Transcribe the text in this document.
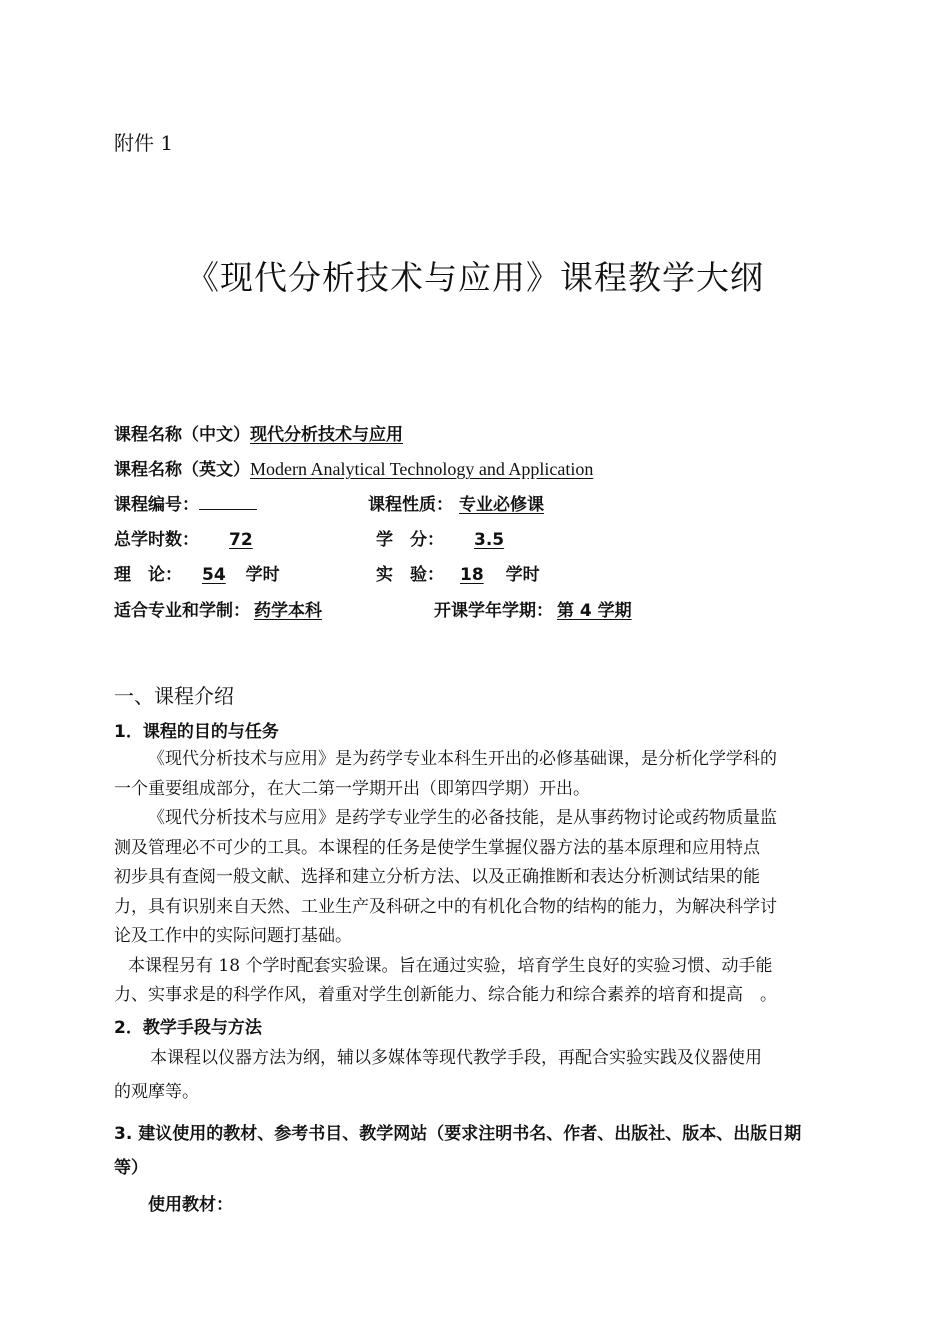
附件 1
《现代分析技术与应用》课程教学大纲
课程名称（中文）现代分析技术与应用
课程名称（英文）Modern Analytical Technology and Application
课程编号：	课程性质： 专业必修课
总学时数： 72	学　分： 3.5
理　论： 54 学时	实　验： 18 学时
适合专业和学制： 药学本科	开课学年学期： 第 4 学期
一、课程介绍
1．课程的目的与任务
《现代分析技术与应用》是为药学专业本科生开出的必修基础课，是分析化学学科的
一个重要组成部分，在大二第一学期开出（即第四学期）开出。
《现代分析技术与应用》是药学专业学生的必备技能，是从事药物讨论或药物质量监
测及管理必不可少的工具。本课程的任务是使学生掌握仪器方法的基本原理和应用特点
初步具有查阅一般文献、选择和建立分析方法、以及正确推断和表达分析测试结果的能
力，具有识别来自天然、工业生产及科研之中的有机化合物的结构的能力，为解决科学讨
论及工作中的实际问题打基础。
本课程另有 18 个学时配套实验课。旨在通过实验，培育学生良好的实验习惯、动手能
力、实事求是的科学作风，着重对学生创新能力、综合能力和综合素养的培育和提高　。
2．教学手段与方法
本课程以仪器方法为纲，辅以多媒体等现代教学手段，再配合实验实践及仪器使用
的观摩等。
3. 建议使用的教材、参考书目、教学网站（要求注明书名、作者、出版社、版本、出版日期
等）
使用教材：
